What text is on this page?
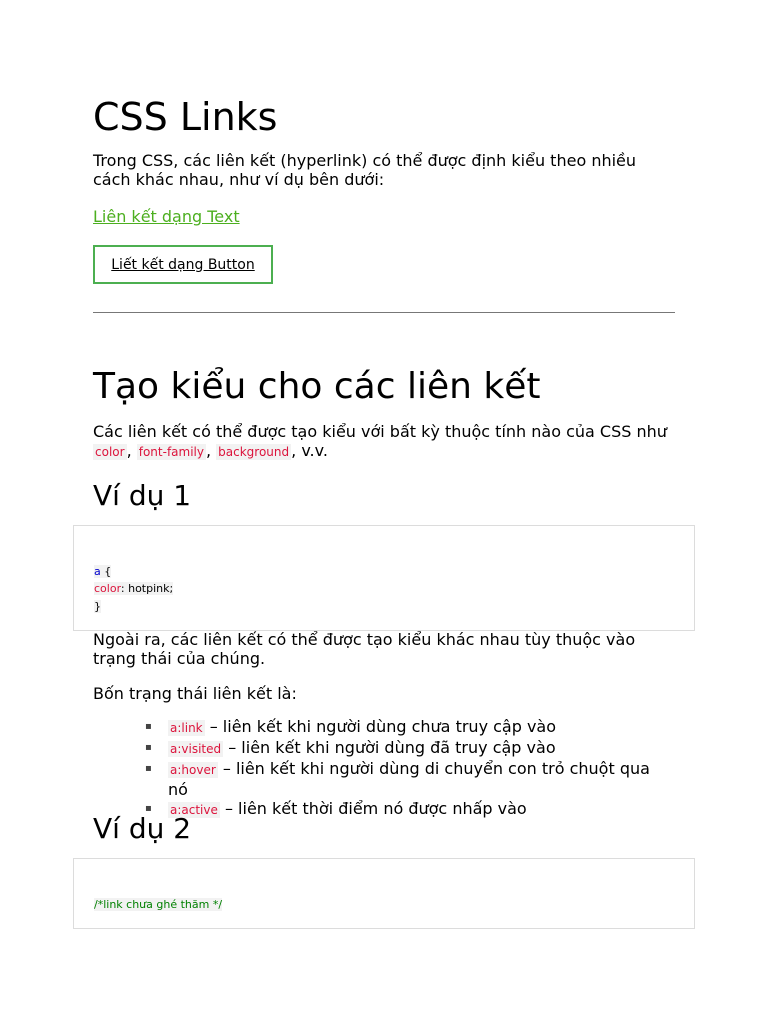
CSS Links

Trong CSS, các liên kết (hyperlink) có thể được định kiểu theo nhiều cách khác nhau, như ví dụ bên dưới:

Liên kết dạng Text
Liết kết dạng Button
Tạo kiểu cho các liên kết

Các liên kết có thể được tạo kiểu với bất kỳ thuộc tính nào của CSS như color , font-family , background , v.v.

Ví dụ 1
a {
color: hotpink;
}

Ngoài ra, các liên kết có thể được tạo kiểu khác nhau tùy thuộc vào trạng thái của chúng.

Bốn trạng thái liên kết là:

▪ a:link – liên kết khi người dùng chưa truy cập vào
▪ a:visited – liên kết khi người dùng đã truy cập vào
▪ a:hover – liên kết khi người dùng di chuyển con trỏ chuột qua nó
▪ a:active – liên kết thời điểm nó được nhấp vào
Ví dụ 2
/*link chưa ghé thăm */
